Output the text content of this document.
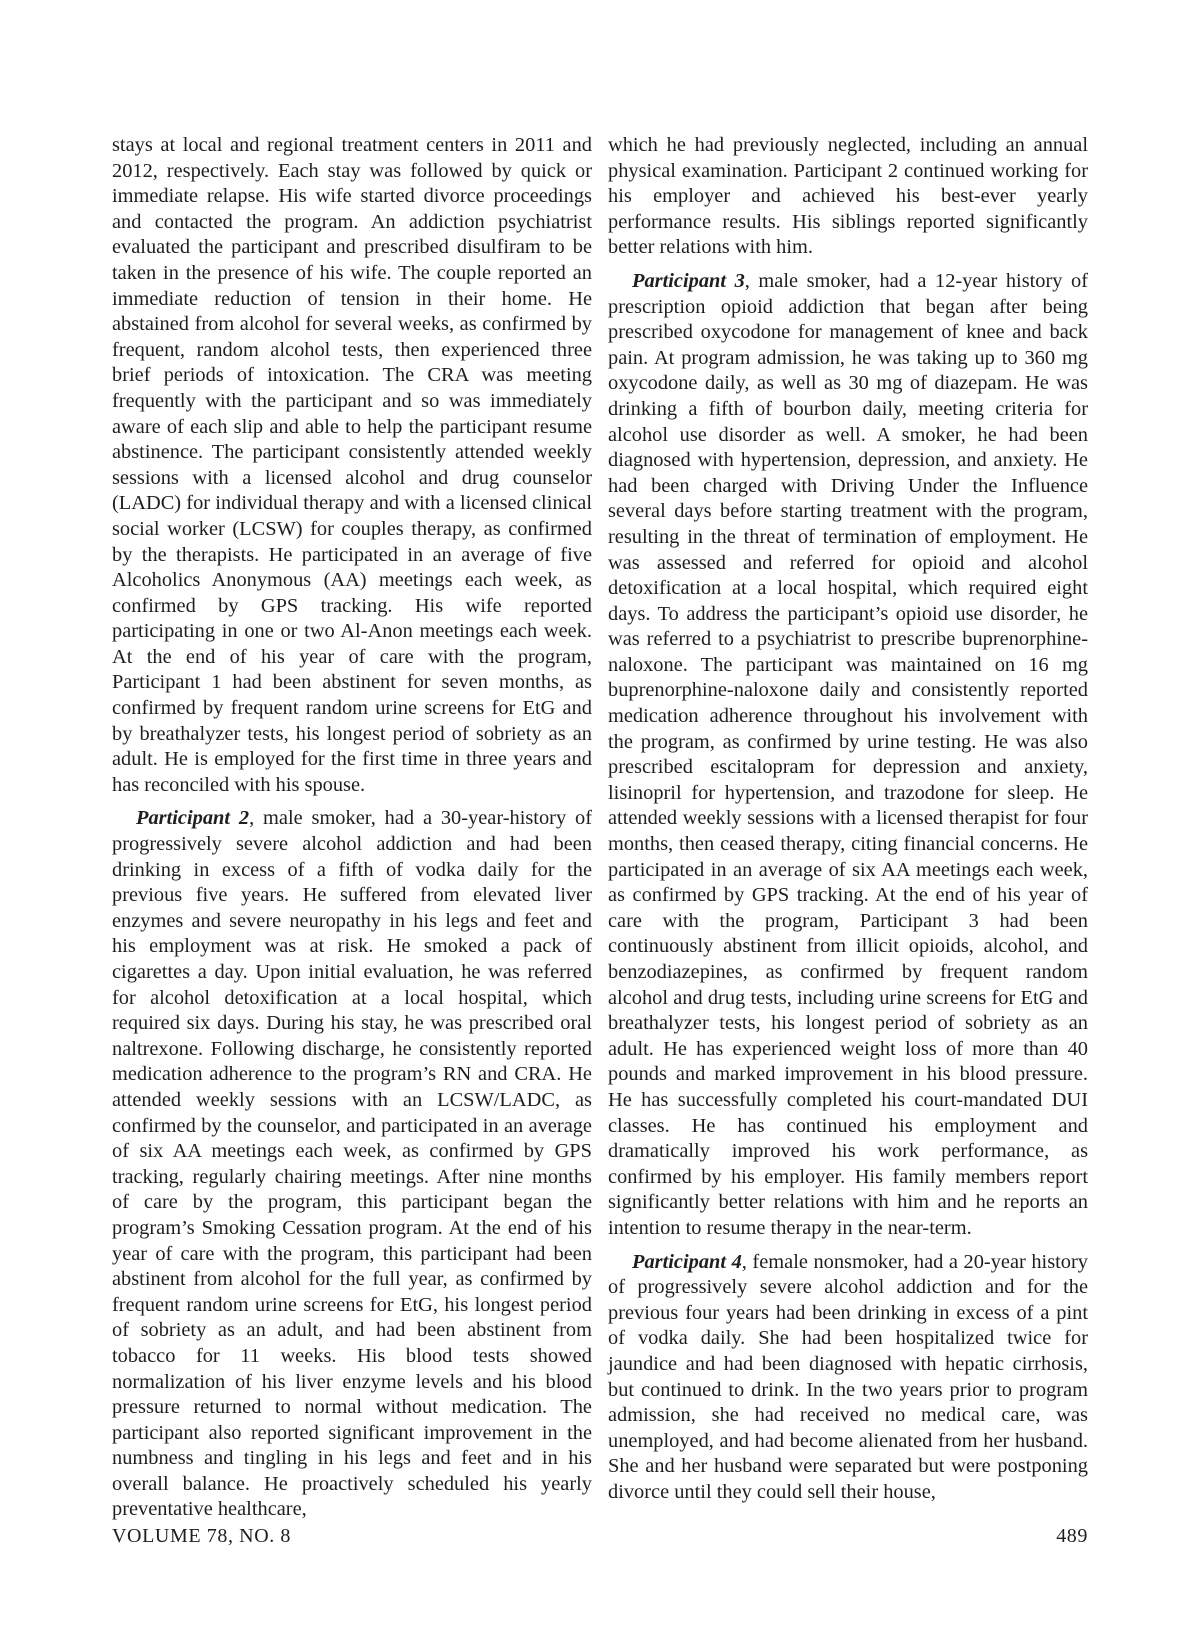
stays at local and regional treatment centers in 2011 and 2012, respectively. Each stay was followed by quick or immediate relapse. His wife started divorce proceedings and contacted the program. An addiction psychiatrist evaluated the participant and prescribed disulfiram to be taken in the presence of his wife. The couple reported an immediate reduction of tension in their home. He abstained from alcohol for several weeks, as confirmed by frequent, random alcohol tests, then experienced three brief periods of intoxication. The CRA was meeting frequently with the participant and so was immediately aware of each slip and able to help the participant resume abstinence. The participant consistently attended weekly sessions with a licensed alcohol and drug counselor (LADC) for individual therapy and with a licensed clinical social worker (LCSW) for couples therapy, as confirmed by the therapists. He participated in an average of five Alcoholics Anonymous (AA) meetings each week, as confirmed by GPS tracking. His wife reported participating in one or two Al-Anon meetings each week. At the end of his year of care with the program, Participant 1 had been abstinent for seven months, as confirmed by frequent random urine screens for EtG and by breathalyzer tests, his longest period of sobriety as an adult. He is employed for the first time in three years and has reconciled with his spouse.

Participant 2, male smoker, had a 30-year-history of progressively severe alcohol addiction and had been drinking in excess of a fifth of vodka daily for the previous five years. He suffered from elevated liver enzymes and severe neuropathy in his legs and feet and his employment was at risk. He smoked a pack of cigarettes a day. Upon initial evaluation, he was referred for alcohol detoxification at a local hospital, which required six days. During his stay, he was prescribed oral naltrexone. Following discharge, he consistently reported medication adherence to the program’s RN and CRA. He attended weekly sessions with an LCSW/LADC, as confirmed by the counselor, and participated in an average of six AA meetings each week, as confirmed by GPS tracking, regularly chairing meetings. After nine months of care by the program, this participant began the program’s Smoking Cessation program. At the end of his year of care with the program, this participant had been abstinent from alcohol for the full year, as confirmed by frequent random urine screens for EtG, his longest period of sobriety as an adult, and had been abstinent from tobacco for 11 weeks. His blood tests showed normalization of his liver enzyme levels and his blood pressure returned to normal without medication. The participant also reported significant improvement in the numbness and tingling in his legs and feet and in his overall balance. He proactively scheduled his yearly preventative healthcare,

which he had previously neglected, including an annual physical examination. Participant 2 continued working for his employer and achieved his best-ever yearly performance results. His siblings reported significantly better relations with him.

Participant 3, male smoker, had a 12-year history of prescription opioid addiction that began after being prescribed oxycodone for management of knee and back pain. At program admission, he was taking up to 360 mg oxycodone daily, as well as 30 mg of diazepam. He was drinking a fifth of bourbon daily, meeting criteria for alcohol use disorder as well. A smoker, he had been diagnosed with hypertension, depression, and anxiety. He had been charged with Driving Under the Influence several days before starting treatment with the program, resulting in the threat of termination of employment. He was assessed and referred for opioid and alcohol detoxification at a local hospital, which required eight days. To address the participant’s opioid use disorder, he was referred to a psychiatrist to prescribe buprenorphine-naloxone. The participant was maintained on 16 mg buprenorphine-naloxone daily and consistently reported medication adherence throughout his involvement with the program, as confirmed by urine testing. He was also prescribed escitalopram for depression and anxiety, lisinopril for hypertension, and trazodone for sleep. He attended weekly sessions with a licensed therapist for four months, then ceased therapy, citing financial concerns. He participated in an average of six AA meetings each week, as confirmed by GPS tracking. At the end of his year of care with the program, Participant 3 had been continuously abstinent from illicit opioids, alcohol, and benzodiazepines, as confirmed by frequent random alcohol and drug tests, including urine screens for EtG and breathalyzer tests, his longest period of sobriety as an adult. He has experienced weight loss of more than 40 pounds and marked improvement in his blood pressure. He has successfully completed his court-mandated DUI classes. He has continued his employment and dramatically improved his work performance, as confirmed by his employer. His family members report significantly better relations with him and he reports an intention to resume therapy in the near-term.

Participant 4, female nonsmoker, had a 20-year history of progressively severe alcohol addiction and for the previous four years had been drinking in excess of a pint of vodka daily. She had been hospitalized twice for jaundice and had been diagnosed with hepatic cirrhosis, but continued to drink. In the two years prior to program admission, she had received no medical care, was unemployed, and had become alienated from her husband. She and her husband were separated but were postponing divorce until they could sell their house,

VOLUME 78, NO. 8	489
